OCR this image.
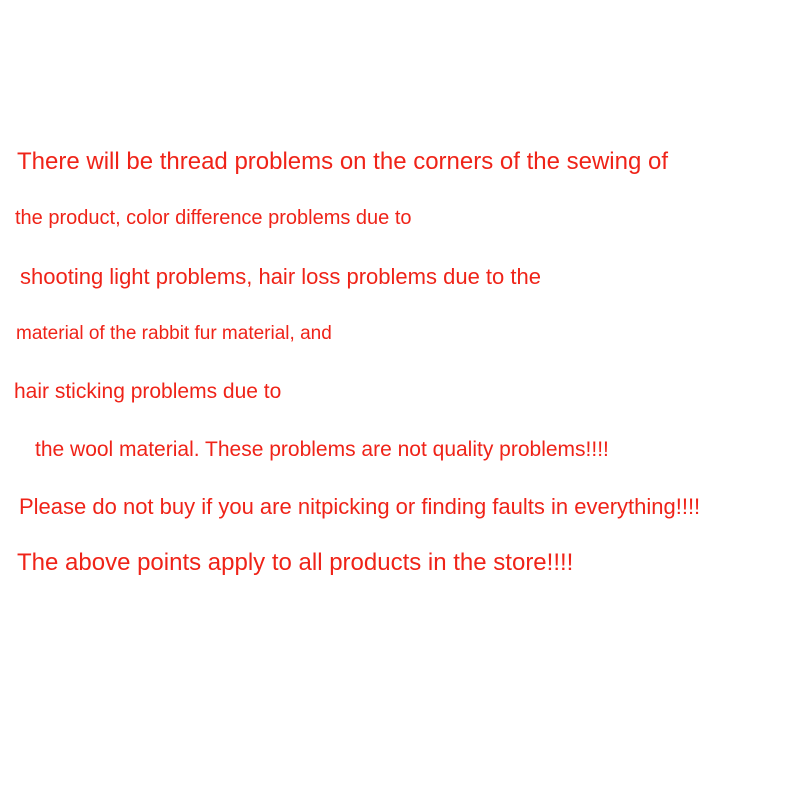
There will be thread problems on the corners of the sewing of
the product, color difference problems due to
shooting light problems, hair loss problems due to the
material of the rabbit fur material, and
hair sticking problems due to
the wool material. These problems are not quality problems!!!!
Please do not buy if you are nitpicking or finding faults in everything!!!!
The above points apply to all products in the store!!!!
